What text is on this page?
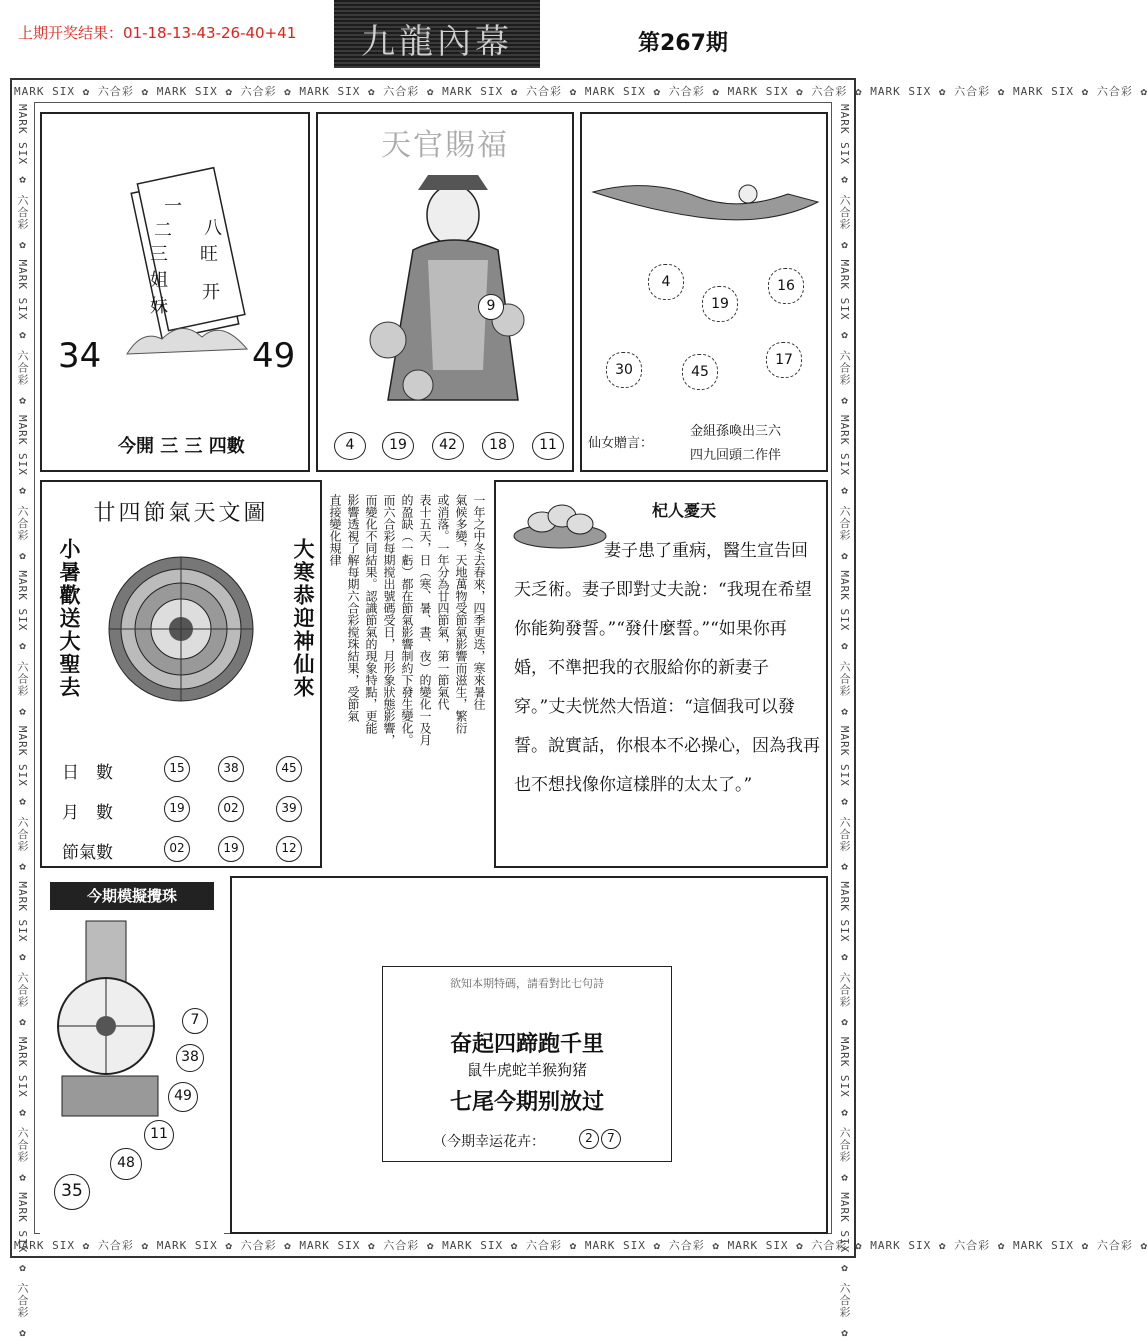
上期开奖结果：01-18-13-43-26-40+41	九龍內幕	第267期
MARK SIX ✿ 六合彩 ✿ MARK SIX ✿ 六合彩 ✿ MARK SIX ✿ 六合彩 ✿ MARK SIX ✿ 六合彩 ✿ MARK SIX ✿ 六合彩 ✿ MARK SIX ✿ 六合彩 ✿ MARK SIX ✿ 六合彩 ✿ MARK SIX ✿ 六合彩 ✿
MARK SIX ✿ 六合彩 ✿ MARK SIX ✿ 六合彩 ✿ MARK SIX ✿ 六合彩 ✿ MARK SIX ✿ 六合彩 ✿ MARK SIX ✿ 六合彩 ✿ MARK SIX ✿ 六合彩 ✿ MARK SIX ✿ 六合彩 ✿ MARK SIX ✿ 六合彩 ✿
MARK SIX ✿ 六合彩 ✿ MARK SIX ✿ 六合彩 ✿ MARK SIX ✿ 六合彩 ✿ MARK SIX ✿ 六合彩 ✿ MARK SIX ✿ 六合彩 ✿ MARK SIX ✿ 六合彩 ✿ MARK SIX ✿ 六合彩 ✿ MARK SIX ✿ 六合彩 ✿	MARK SIX ✿ 六合彩 ✿ MARK SIX ✿ 六合彩 ✿ MARK SIX ✿ 六合彩 ✿ MARK SIX ✿ 六合彩 ✿ MARK SIX ✿ 六合彩 ✿ MARK SIX ✿ 六合彩 ✿ MARK SIX ✿ 六合彩 ✿ MARK SIX ✿ 六合彩 ✿
一
二 八
三 旺
姐
开
妹
34	49
今開 三 三 四數
天官賜福
9
4	19	42	18	11
4
19
16
30	45
17
仙女贈言：
金組孫喚出三六
四九回頭二作伴
廿四節氣天文圖
小暑歡送大聖去	大寒恭迎神仙來
日　數	15	38	45
月　數	19	02	39
節氣數	02	19	12
一年之中冬去春來，四季更迭，寒來暑往
氣候多變，天地萬物受節氣影響而滋生，繁衍
或消落。一年分為廿四節氣，第一節氣代
表十五天，日（寒、暑、晝、夜）的變化一及月
的盈缺（一虧）都在節氣影響制約下發生變化。
而六合彩每期搅出號碼受日，月形象狀態影響，
而變化不同結果。認識節氣的現象特點，更能
影響透視了解每期六合彩搅珠結果，受節氣
直接變化規律	杞人憂天
妻子患了重病，醫生宣告回天乏術。妻子即對丈夫說：“我現在希望你能夠發誓。”“發什麼誓。”“如果你再婚，不準把我的衣服給你的新妻子穿。”丈夫恍然大悟道：“這個我可以發誓。說實話，你根本不必操心，因為我再也不想找像你這樣胖的太太了。”
今期模擬攪珠
7
38
49
11
48
35
欲知本期特碼，請看對比七句詩
奋起四蹄跑千里
鼠牛虎蛇羊猴狗猪
七尾今期别放过
（今期幸运花卉：	2	7
